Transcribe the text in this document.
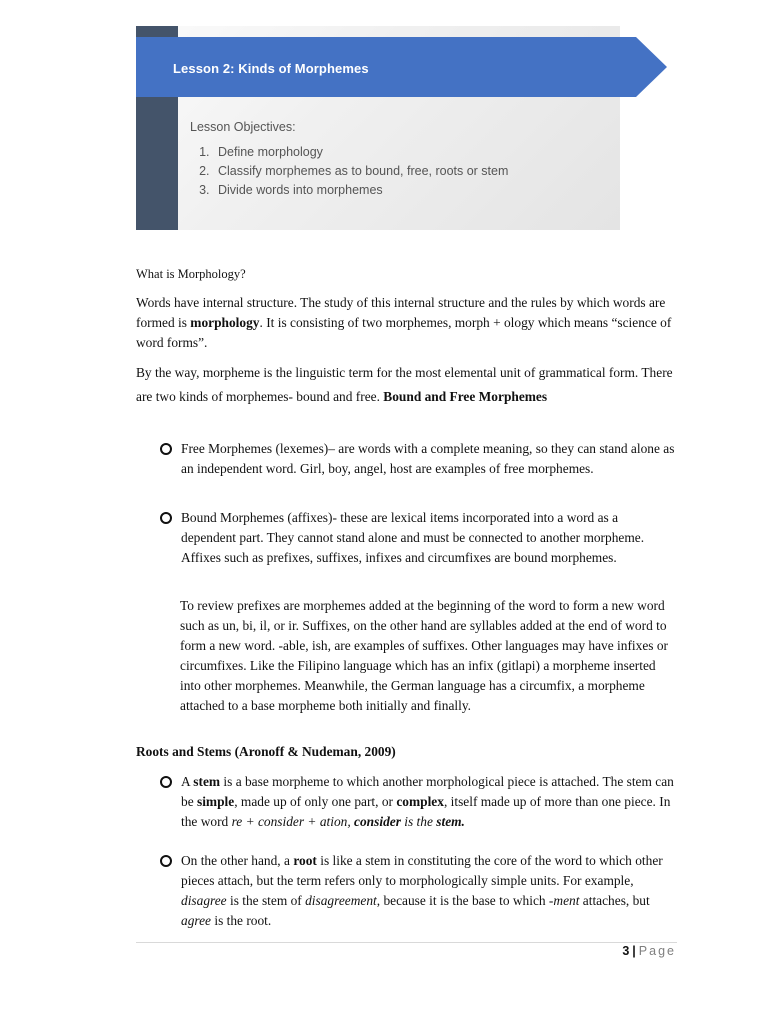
Lesson 2: Kinds of Morphemes
Lesson Objectives:
1. Define morphology
2. Classify morphemes as to bound, free, roots or stem
3. Divide words into morphemes
What is Morphology?

Words have internal structure. The study of this internal structure and the rules by which words are formed is morphology. It is consisting of two morphemes, morph + ology which means “science of word forms”.

By the way, morpheme is the linguistic term for the most elemental unit of grammatical form. There are two kinds of morphemes- bound and free. Bound and Free Morphemes

Free Morphemes (lexemes)– are words with a complete meaning, so they can stand alone as an independent word. Girl, boy, angel, host are examples of free morphemes.
Bound Morphemes (affixes)- these are lexical items incorporated into a word as a dependent part. They cannot stand alone and must be connected to another morpheme. Affixes such as prefixes, suffixes, infixes and circumfixes are bound morphemes.
To review prefixes are morphemes added at the beginning of the word to form a new word such as un, bi, il, or ir. Suffixes, on the other hand are syllables added at the end of word to form a new word. -able, ish, are examples of suffixes. Other languages may have infixes or circumfixes. Like the Filipino language which has an infix (gitlapi) a morpheme inserted into other morphemes. Meanwhile, the German language has a circumfix, a morpheme attached to a base morpheme both initially and finally.
Roots and Stems (Aronoff & Nudeman, 2009)
A stem is a base morpheme to which another morphological piece is attached. The stem can be simple, made up of only one part, or complex, itself made up of more than one piece. In the word re + consider + ation, consider is the stem.
On the other hand, a root is like a stem in constituting the core of the word to which other pieces attach, but the term refers only to morphologically simple units. For example, disagree is the stem of disagreement, because it is the base to which -ment attaches, but agree is the root.
3 | Page
